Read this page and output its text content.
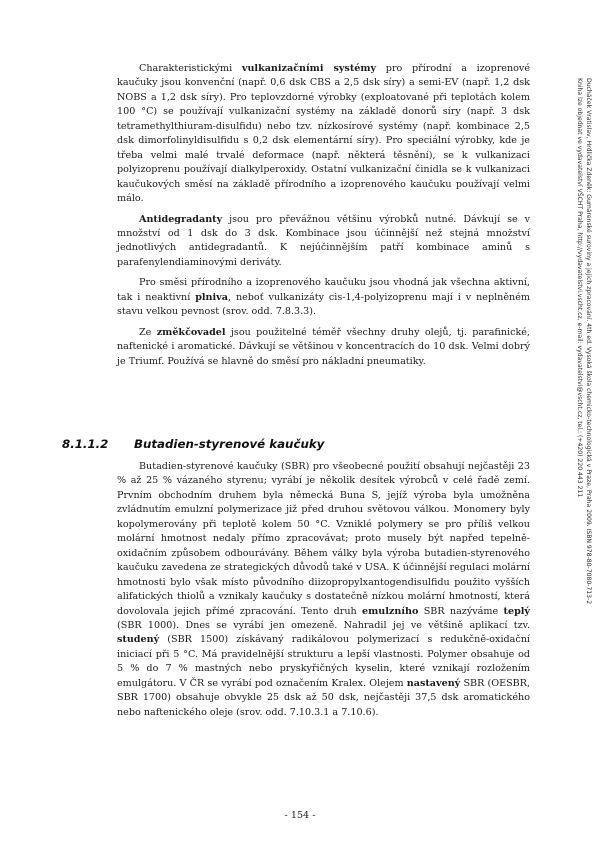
Charakteristickými vulkanizačními systémy pro přírodní a izoprenové kaučuky jsou konvenční (např. 0,6 dsk CBS a 2,5 dsk síry) a semi-EV (např. 1,2 dsk NOBS a 1,2 dsk síry). Pro teplovzdorné výrobky (exploatované při teplotách kolem 100 °C) se používají vulkanizační systémy na základě donorů síry (např. 3 dsk tetramethylthiuram-disulfidu) nebo tzv. nízkosírové systémy (např. kombinace 2,5 dsk dimorfolinyldisulfidu s 0,2 dsk elementární síry). Pro speciální výrobky, kde je třeba velmi malé trvalé deformace (např. některá těsnění), se k vulkanizaci polyizoprenu používají dialkylperoxidy. Ostatní vulkanizační činidla se k vulkanizaci kaučukových směsí na základě přírodního a izoprenového kaučuku používají velmi málo.

Antidegradanty jsou pro převážnou většinu výrobků nutné. Dávkují se v množství od 1 dsk do 3 dsk. Kombinace jsou účinnější než stejná množství jednotlivých antidegradantů. K nejúčinnějším patří kombinace aminů s parafenylendiaminovými deriváty.

Pro směsi přírodního a izoprenového kaučuku jsou vhodná jak všechna aktivní, tak i neaktivní plniva, neboť vulkanizáty cis-1,4-polyizoprenu mají i v neplněném stavu velkou pevnost (srov. odd. 7.8.3.3).

Ze změkčovadel jsou použitelné téměř všechny druhy olejů, tj. parafinické, naftenické i aromatické. Dávkují se většinou v koncentracích do 10 dsk. Velmi dobrý je Triumf. Používá se hlavně do směsí pro nákladní pneumatiky.

8.1.1.2 Butadien-styrenové kaučuky

Butadien-styrenové kaučuky (SBR) pro všeobecné použití obsahují nejčastěji 23 % až 25 % vázaného styrenu; vyrábí je několik desítek výrobců v celé řadě zemí. Prvním obchodním druhem byla německá Buna S, jejíž výroba byla umožněna zvládnutím emulzní polymerizace již před druhou světovou válkou. Monomery byly kopolymerovány při teplotě kolem 50 °C. Vzniklé polymery se pro příliš velkou molární hmotnost nedaly přímo zpracovávat; proto musely být napřed tepelně-oxidačním způsobem odbourávány. Během války byla výroba butadien-styrenového kaučuku zavedena ze strategických důvodů také v USA. K účinnější regulaci molární hmotnosti bylo však místo původního diizopropylxantogendisulfidu použito vyšších alifatických thiolů a vznikaly kaučuky s dostatečně nízkou molární hmotností, která dovolovala jejich přímé zpracování. Tento druh emulzního SBR nazýváme teplý (SBR 1000). Dnes se vyrábí jen omezeně. Nahradil jej ve většině aplikací tzv. studený (SBR 1500) získávaný radikálovou polymerizací s redukčně-oxidační iniciací při 5 °C. Má pravidelnější strukturu a lepší vlastnosti. Polymer obsahuje od 5 % do 7 % mastných nebo pryskyřičných kyselin, které vznikají rozložením emulgátoru. V ČR se vyrábí pod označením Kralex. Olejem nastavený SBR (OESBR, SBR 1700) obsahuje obvykle 25 dsk až 50 dsk, nejčastěji 37,5 dsk aromatického nebo naftenického oleje (srov. odd. 7.10.3.1 a 7.10.6).

Ducháček Vratislav, Hrdlička Zdeněk: Gumárenské suroviny a jejich zpracování. 4th ed. Vysoká škola chemicko-technologická v Praze, Praha 2009. ISBN 978-80-7080-713-2
Kniha lze objednat ve vydavatelství VŠCHT Praha, http://vydavatelstvi.vscht.cz, e-mail: vydavatelstvi@vscht.cz, tel.: (+420) 220 443 211
- 154 -
